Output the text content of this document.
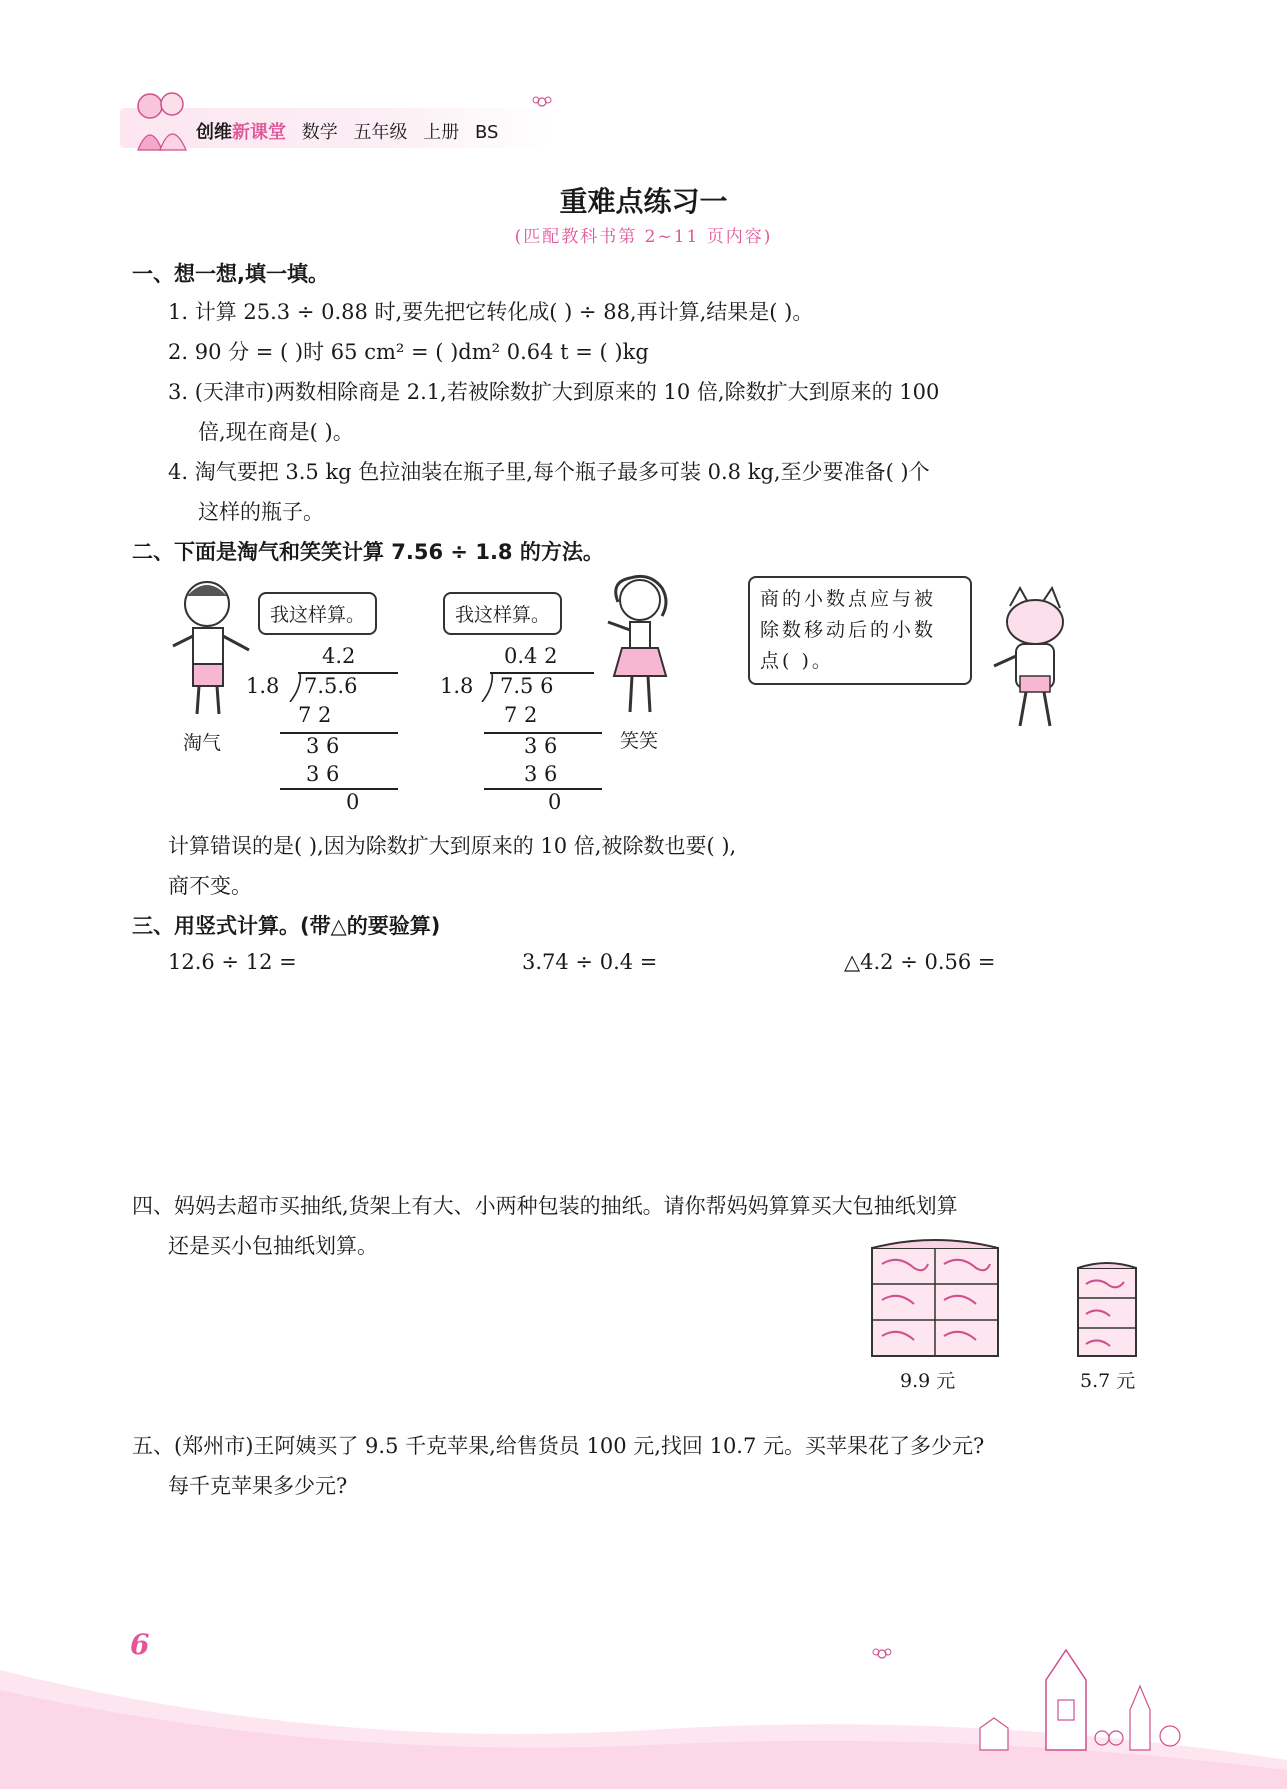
创维新课堂 数学 五年级 上册 BS
重难点练习一
(匹配教科书第 2~11 页内容)
一、想一想,填一填。
1. 计算 25.3 ÷ 0.88 时,要先把它转化成( ) ÷ 88,再计算,结果是( )。
2. 90 分 = ( )时 65 cm² = ( )dm² 0.64 t = ( )kg
3. (天津市)两数相除商是 2.1,若被除数扩大到原来的 10 倍,除数扩大到原来的 100
倍,现在商是( )。
4. 淘气要把 3.5 kg 色拉油装在瓶子里,每个瓶子最多可装 0.8 kg,至少要准备( )个
这样的瓶子。
二、下面是淘气和笑笑计算 7.56 ÷ 1.8 的方法。
淘气
我这样算。
4.2
1.8 7.5.6
7 2
3 6
3 6
0
我这样算。
0.4 2
1.8 7.5 6
7 2
3 6
3 6
0
笑笑
商的小数点应与被
除数移动后的小数
点( )。
计算错误的是( ),因为除数扩大到原来的 10 倍,被除数也要( ),
商不变。
三、用竖式计算。(带△的要验算)
12.6 ÷ 12 =	3.74 ÷ 0.4 =	△4.2 ÷ 0.56 =
四、妈妈去超市买抽纸,货架上有大、小两种包装的抽纸。请你帮妈妈算算买大包抽纸划算
还是买小包抽纸划算。
9.9 元	5.7 元
五、(郑州市)王阿姨买了 9.5 千克苹果,给售货员 100 元,找回 10.7 元。买苹果花了多少元?
每千克苹果多少元?
6
